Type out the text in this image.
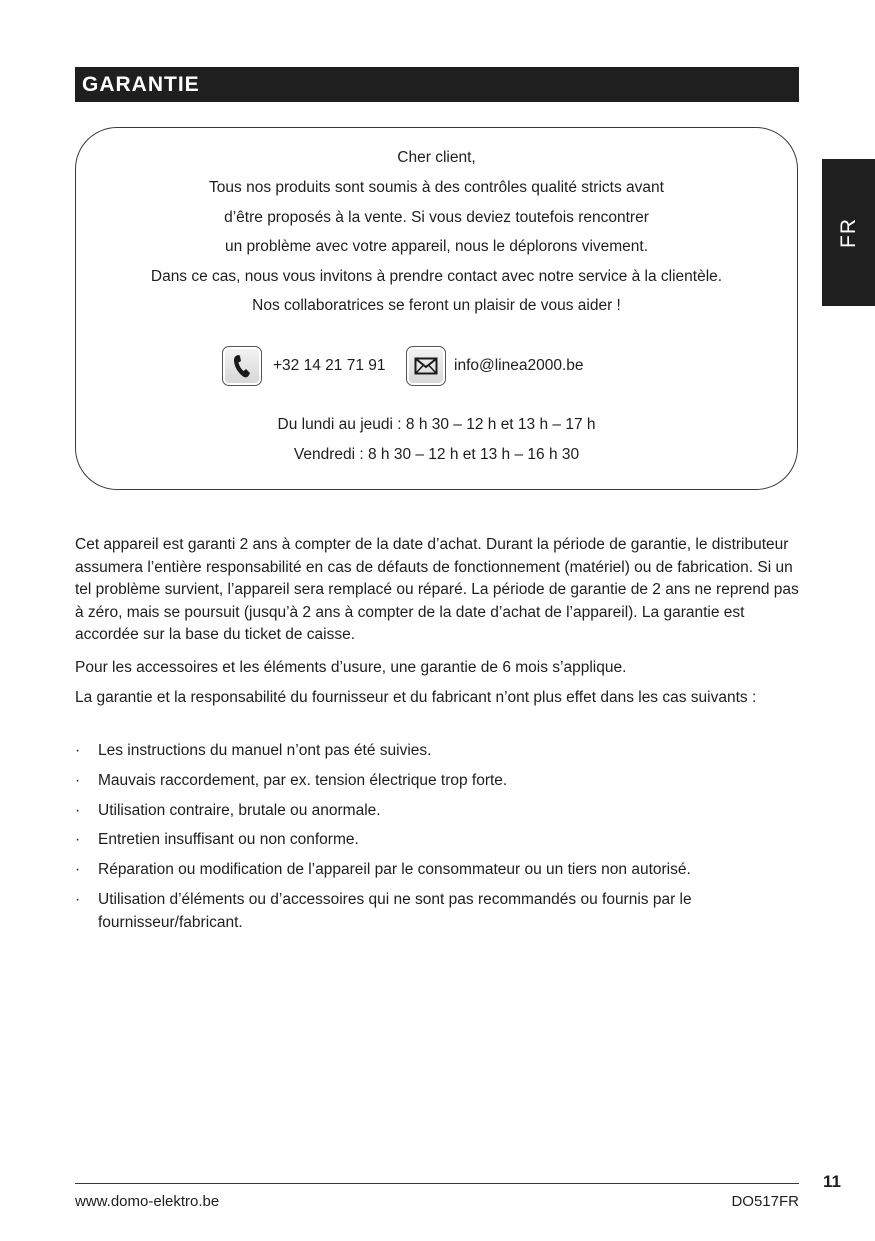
GARANTIE
FR
Cher client,
Tous nos produits sont soumis à des contrôles qualité stricts avant
d’être proposés à la vente. Si vous deviez toutefois rencontrer
un problème avec votre appareil, nous le déplorons vivement.
Dans ce cas, nous vous invitons à prendre contact avec notre service à la clientèle.
Nos collaboratrices se feront un plaisir de vous aider !
+32 14 21 71 91	info@linea2000.be
Du lundi au jeudi : 8 h 30 – 12 h et 13 h – 17 h
Vendredi : 8 h 30 – 12 h et 13 h – 16 h 30

Cet appareil est garanti 2 ans à compter de la date d’achat. Durant la période de garantie, le distributeur assumera l’entière responsabilité en cas de défauts de fonctionnement (matériel) ou de fabrication. Si un tel problème survient, l’appareil sera remplacé ou réparé. La période de garantie de 2 ans ne reprend pas à zéro, mais se poursuit (jusqu’à 2 ans à compter de la date d’achat de l’appareil). La garantie est accordée sur la base du ticket de caisse.

Pour les accessoires et les éléments d’usure, une garantie de 6 mois s’applique.

La garantie et la responsabilité du fournisseur et du fabricant n’ont plus effet dans les cas suivants :

·	Les instructions du manuel n’ont pas été suivies.
·	Mauvais raccordement, par ex. tension électrique trop forte.
·	Utilisation contraire, brutale ou anormale.
·	Entretien insuffisant ou non conforme.
·	Réparation ou modification de l’appareil par le consommateur ou un tiers non autorisé.
·	Utilisation d’éléments ou d’accessoires qui ne sont pas recommandés ou fournis par le fournisseur/fabricant.
11
www.domo-elektro.be	DO517FR
